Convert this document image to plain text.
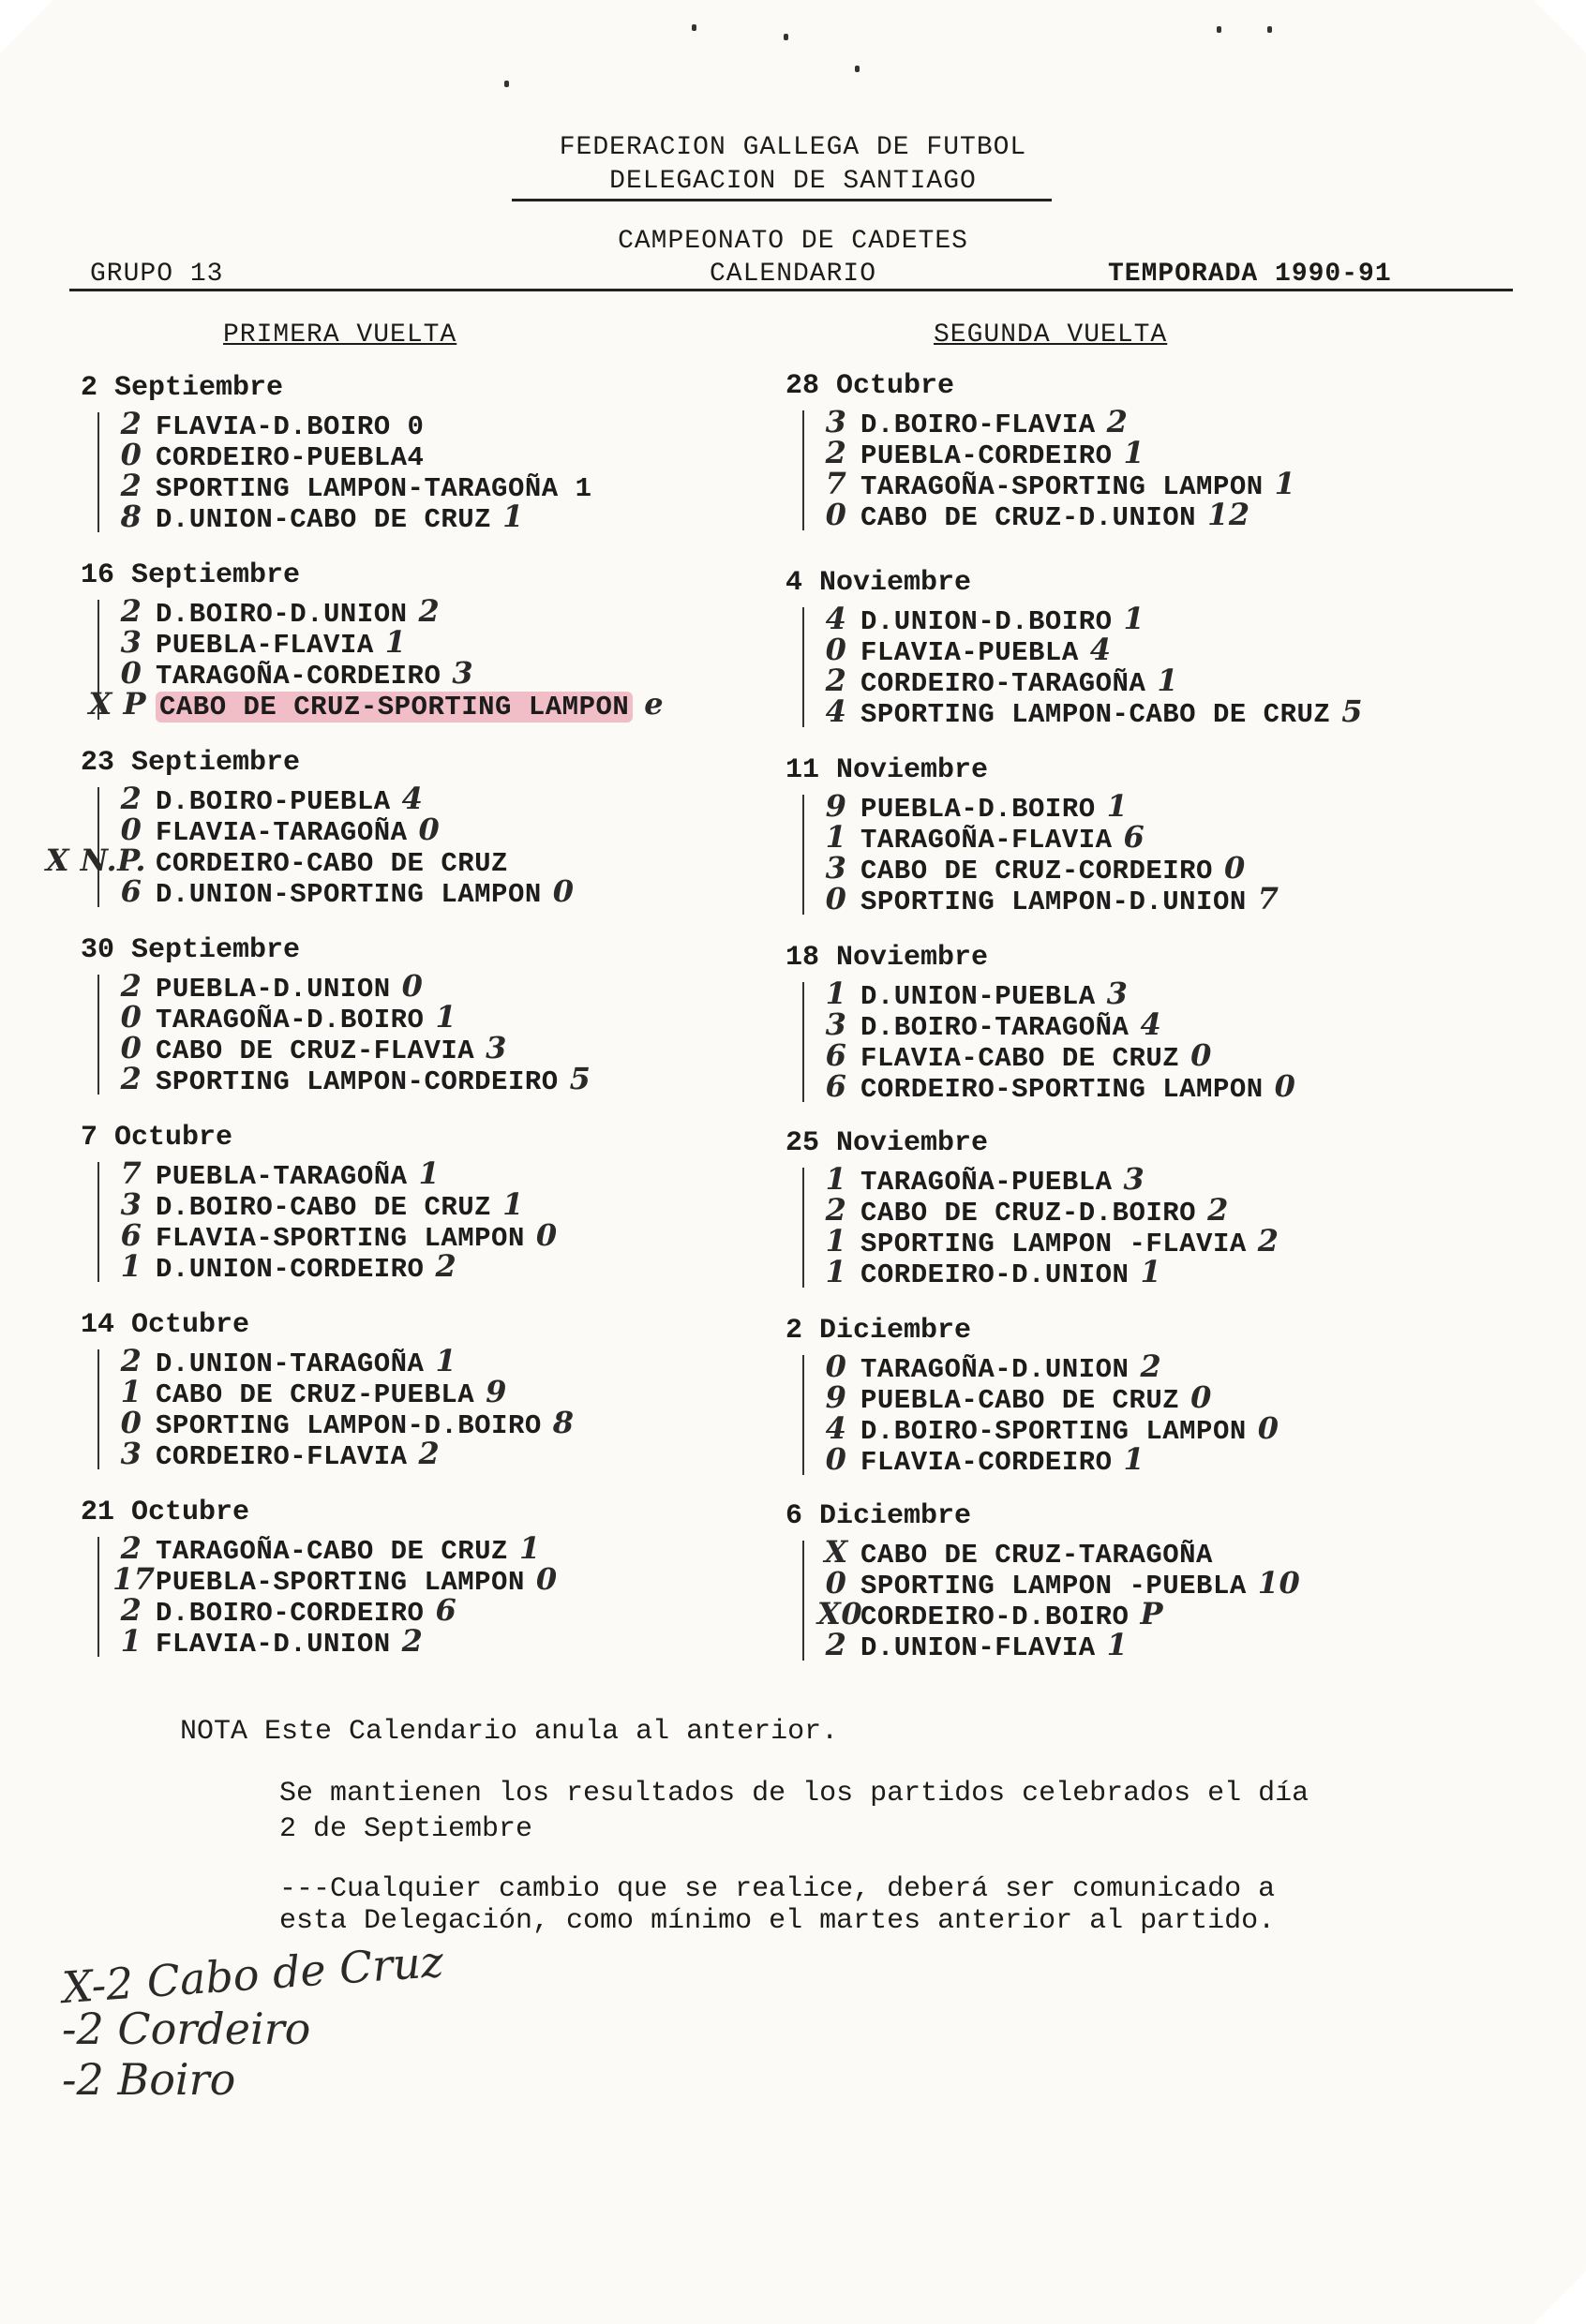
FEDERACION GALLEGA DE FUTBOL
DELEGACION DE SANTIAGO
CAMPEONATO DE CADETES
CALENDARIO
GRUPO 13	TEMPORADA 1990-91
PRIMERA VUELTA	SEGUNDA VUELTA
2 Septiembre
2 FLAVIA-D.BOIRO 0
0 CORDEIRO-PUEBLA4
2 SPORTING LAMPON-TARAGOÑA 1
8 D.UNION-CABO DE CRUZ 1
16 Septiembre
2 D.BOIRO-D.UNION 2
3 PUEBLA-FLAVIA 1
0 TARAGOÑA-CORDEIRO 3
X P CABO DE CRUZ-SPORTING LAMPON e
23 Septiembre
2 D.BOIRO-PUEBLA 4
0 FLAVIA-TARAGOÑA 0
X N.P. CORDEIRO-CABO DE CRUZ
6 D.UNION-SPORTING LAMPON 0
30 Septiembre
2 PUEBLA-D.UNION 0
0 TARAGOÑA-D.BOIRO 1
0 CABO DE CRUZ-FLAVIA 3
2 SPORTING LAMPON-CORDEIRO 5
7 Octubre
7 PUEBLA-TARAGOÑA 1
3 D.BOIRO-CABO DE CRUZ 1
6 FLAVIA-SPORTING LAMPON 0
1 D.UNION-CORDEIRO 2
14 Octubre
2 D.UNION-TARAGOÑA 1
1 CABO DE CRUZ-PUEBLA 9
0 SPORTING LAMPON-D.BOIRO 8
3 CORDEIRO-FLAVIA 2
21 Octubre
2 TARAGOÑA-CABO DE CRUZ 1
17 PUEBLA-SPORTING LAMPON 0
2 D.BOIRO-CORDEIRO 6
1 FLAVIA-D.UNION 2
28 Octubre
3 D.BOIRO-FLAVIA 2
2 PUEBLA-CORDEIRO 1
7 TARAGOÑA-SPORTING LAMPON 1
0 CABO DE CRUZ-D.UNION 12
4 Noviembre
4 D.UNION-D.BOIRO 1
0 FLAVIA-PUEBLA 4
2 CORDEIRO-TARAGOÑA 1
4 SPORTING LAMPON-CABO DE CRUZ 5
11 Noviembre
9 PUEBLA-D.BOIRO 1
1 TARAGOÑA-FLAVIA 6
3 CABO DE CRUZ-CORDEIRO 0
0 SPORTING LAMPON-D.UNION 7
18 Noviembre
1 D.UNION-PUEBLA 3
3 D.BOIRO-TARAGOÑA 4
6 FLAVIA-CABO DE CRUZ 0
6 CORDEIRO-SPORTING LAMPON 0
25 Noviembre
1 TARAGOÑA-PUEBLA 3
2 CABO DE CRUZ-D.BOIRO 2
1 SPORTING LAMPON -FLAVIA 2
1 CORDEIRO-D.UNION 1
2 Diciembre
0 TARAGOÑA-D.UNION 2
9 PUEBLA-CABO DE CRUZ 0
4 D.BOIRO-SPORTING LAMPON 0
0 FLAVIA-CORDEIRO 1
6 Diciembre
X CABO DE CRUZ-TARAGOÑA
0 SPORTING LAMPON -PUEBLA 10
X0
CORDEIRO-D.BOIRO P
2 D.UNION-FLAVIA 1
NOTA Este Calendario anula al anterior.
Se mantienen los resultados de los partidos celebrados el día
2 de Septiembre
---Cualquier cambio que se realice, deberá ser comunicado a
esta Delegación, como mínimo el martes anterior al partido.
X-2 Cabo de Cruz
-2 Cordeiro
-2 Boiro
